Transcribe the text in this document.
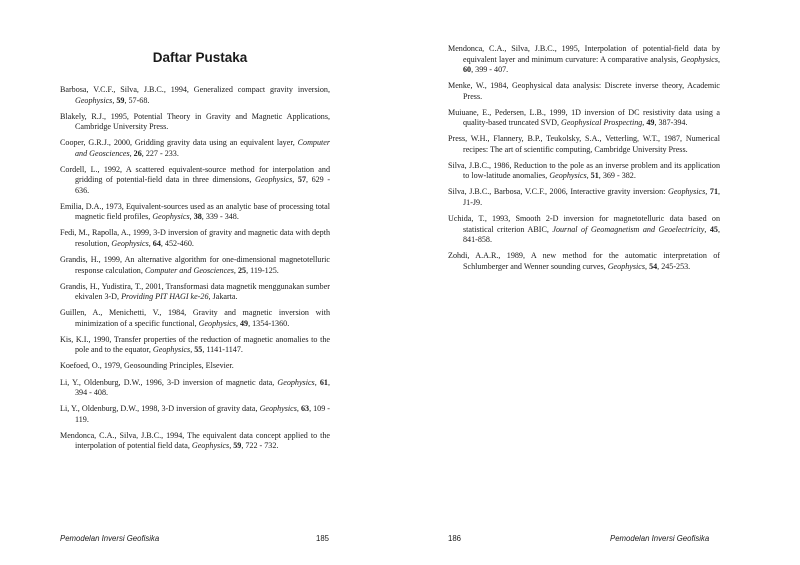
Daftar Pustaka

Barbosa, V.C.F., Silva, J.B.C., 1994, Generalized compact gravity inversion, Geophysics, 59, 57-68.

Blakely, R.J., 1995, Potential Theory in Gravity and Magnetic Applications, Cambridge University Press.

Cooper, G.R.J., 2000, Gridding gravity data using an equivalent layer, Computer and Geosciences, 26, 227 - 233.

Cordell, L., 1992, A scattered equivalent-source method for interpolation and gridding of potential-field data in three dimensions, Geophysics, 57, 629 - 636.

Emilia, D.A., 1973, Equivalent-sources used as an analytic base of processing total magnetic field profiles, Geophysics, 38, 339 - 348.

Fedi, M., Rapolla, A., 1999, 3-D inversion of gravity and magnetic data with depth resolution, Geophysics, 64, 452-460.

Grandis, H., 1999, An alternative algorithm for one-dimensional magnetotelluric response calculation, Computer and Geosciences, 25, 119-125.

Grandis, H., Yudistira, T., 2001, Transformasi data magnetik menggunakan sumber ekivalen 3-D, Providing PIT HAGI ke-26, Jakarta.

Guillen, A., Menichetti, V., 1984, Gravity and magnetic inversion with minimization of a specific functional, Geophysics, 49, 1354-1360.

Kis, K.I., 1990, Transfer properties of the reduction of magnetic anomalies to the pole and to the equator, Geophysics, 55, 1141-1147.

Koefoed, O., 1979, Geosounding Principles, Elsevier.

Li, Y., Oldenburg, D.W., 1996, 3-D inversion of magnetic data, Geophysics, 61, 394 - 408.

Li, Y., Oldenburg, D.W., 1998, 3-D inversion of gravity data, Geophysics, 63, 109 - 119.

Mendonca, C.A., Silva, J.B.C., 1994, The equivalent data concept applied to the interpolation of potential field data, Geophysics, 59, 722 - 732.

Pemodelan Inversi Geofisika	185

Mendonca, C.A., Silva, J.B.C., 1995, Interpolation of potential-field data by equivalent layer and minimum curvature: A comparative analysis, Geophysics, 60, 399 - 407.

Menke, W., 1984, Geophysical data analysis: Discrete inverse theory, Academic Press.

Muiuane, E., Pedersen, L.B., 1999, 1D inversion of DC resistivity data using a quality-based truncated SVD, Geophysical Prospecting, 49, 387-394.

Press, W.H., Flannery, B.P., Teukolsky, S.A., Vetterling, W.T., 1987, Numerical recipes: The art of scientific computing, Cambridge University Press.

Silva, J.B.C., 1986, Reduction to the pole as an inverse problem and its application to low-latitude anomalies, Geophysics, 51, 369 - 382.

Silva, J.B.C., Barbosa, V.C.F., 2006, Interactive gravity inversion: Geophysics, 71, J1-J9.

Uchida, T., 1993, Smooth 2-D inversion for magnetotelluric data based on statistical criterion ABIC, Journal of Geomagnetism and Geoelectricity, 45, 841-858.

Zohdi, A.A.R., 1989, A new method for the automatic interpretation of Schlumberger and Wenner sounding curves, Geophysics, 54, 245-253.

186	Pemodelan Inversi Geofisika
